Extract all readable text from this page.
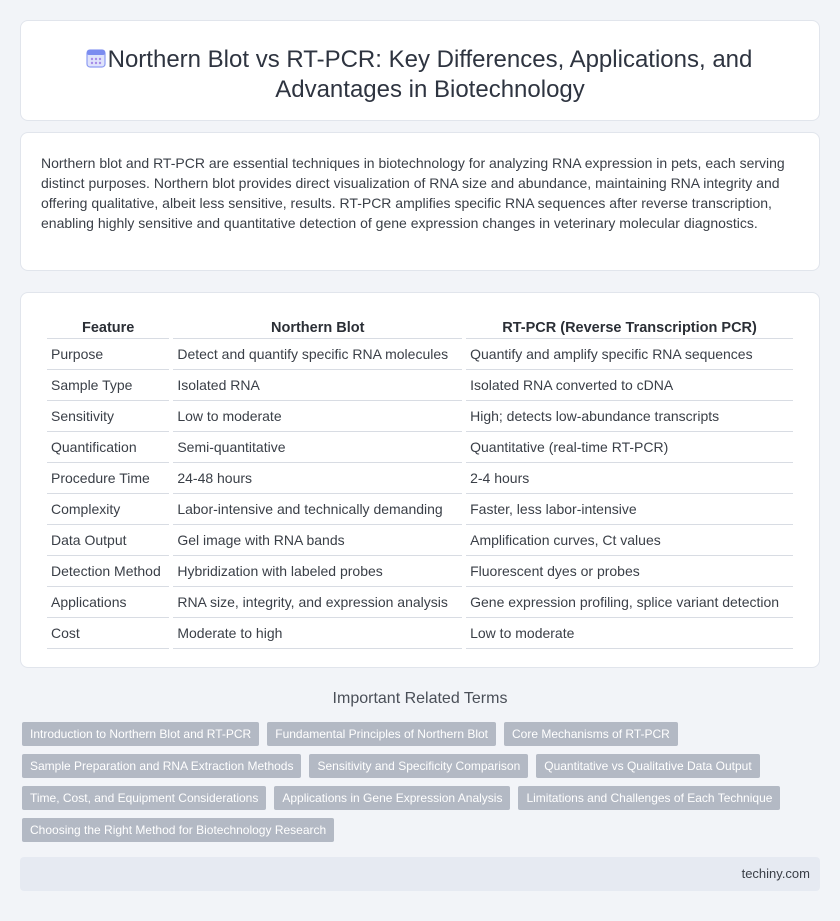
Northern Blot vs RT-PCR: Key Differences, Applications, and Advantages in Biotechnology

Northern blot and RT-PCR are essential techniques in biotechnology for analyzing RNA expression in pets, each serving distinct purposes. Northern blot provides direct visualization of RNA size and abundance, maintaining RNA integrity and offering qualitative, albeit less sensitive, results. RT-PCR amplifies specific RNA sequences after reverse transcription, enabling highly sensitive and quantitative detection of gene expression changes in veterinary molecular diagnostics.

Feature	Northern Blot	RT-PCR (Reverse Transcription PCR)
Purpose	Detect and quantify specific RNA molecules	Quantify and amplify specific RNA sequences
Sample Type	Isolated RNA	Isolated RNA converted to cDNA
Sensitivity	Low to moderate	High; detects low-abundance transcripts
Quantification	Semi-quantitative	Quantitative (real-time RT-PCR)
Procedure Time	24-48 hours	2-4 hours
Complexity	Labor-intensive and technically demanding	Faster, less labor-intensive
Data Output	Gel image with RNA bands	Amplification curves, Ct values
Detection Method	Hybridization with labeled probes	Fluorescent dyes or probes
Applications	RNA size, integrity, and expression analysis	Gene expression profiling, splice variant detection
Cost	Moderate to high	Low to moderate
Important Related Terms
Introduction to Northern Blot and RT-PCR	Fundamental Principles of Northern Blot	Core Mechanisms of RT-PCR
Sample Preparation and RNA Extraction Methods	Sensitivity and Specificity Comparison	Quantitative vs Qualitative Data Output
Time, Cost, and Equipment Considerations	Applications in Gene Expression Analysis	Limitations and Challenges of Each Technique
Choosing the Right Method for Biotechnology Research
techiny.com
